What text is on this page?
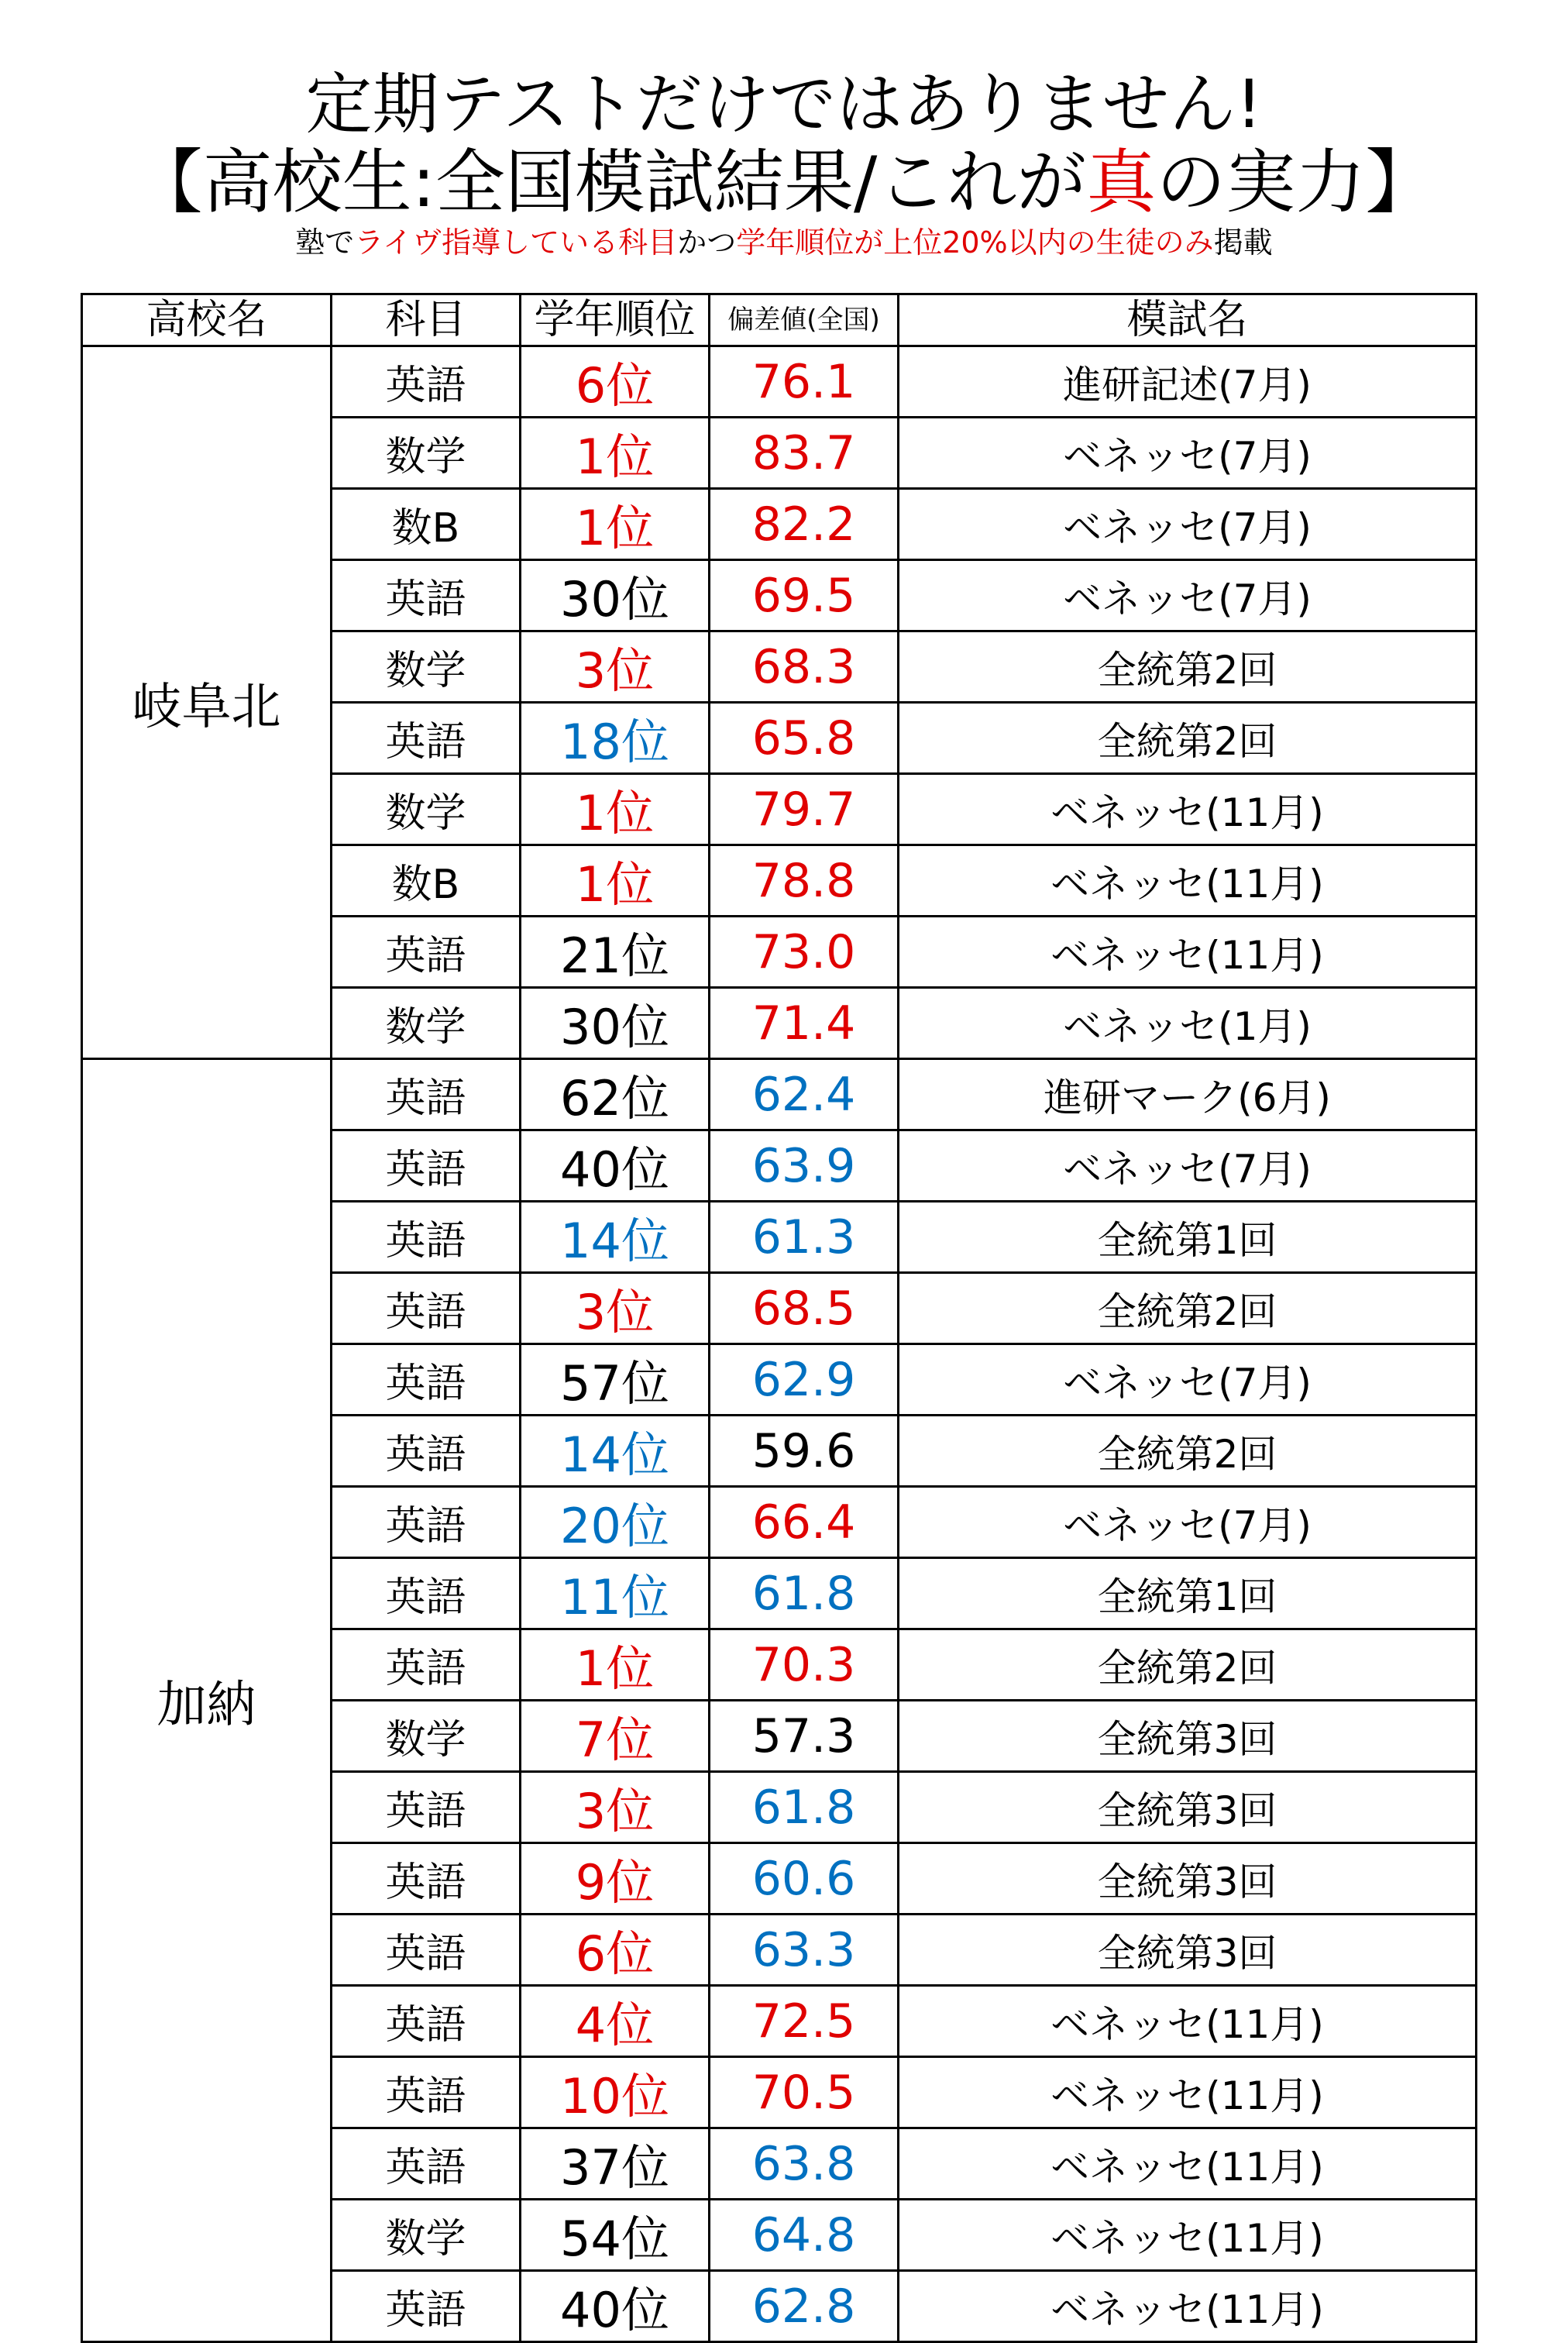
定期テストだけではありません!
【高校生:全国模試結果/これが真の実力】
塾でライヴ指導している科目かつ学年順位が上位20%以内の生徒のみ掲載
高校名	科目	学年順位	偏差値(全国)	模試名
岐阜北	英語	6位	76.1	進研記述(7月)
	数学	1位	83.7	ベネッセ(7月)
	数B	1位	82.2	ベネッセ(7月)
	英語	30位	69.5	ベネッセ(7月)
	数学	3位	68.3	全統第2回
	英語	18位	65.8	全統第2回
	数学	1位	79.7	ベネッセ(11月)
	数B	1位	78.8	ベネッセ(11月)
	英語	21位	73.0	ベネッセ(11月)
	数学	30位	71.4	ベネッセ(1月)
加納	英語	62位	62.4	進研マーク(6月)
	英語	40位	63.9	ベネッセ(7月)
	英語	14位	61.3	全統第1回
	英語	3位	68.5	全統第2回
	英語	57位	62.9	ベネッセ(7月)
	英語	14位	59.6	全統第2回
	英語	20位	66.4	ベネッセ(7月)
	英語	11位	61.8	全統第1回
	英語	1位	70.3	全統第2回
	数学	7位	57.3	全統第3回
	英語	3位	61.8	全統第3回
	英語	9位	60.6	全統第3回
	英語	6位	63.3	全統第3回
	英語	4位	72.5	ベネッセ(11月)
	英語	10位	70.5	ベネッセ(11月)
	英語	37位	63.8	ベネッセ(11月)
	数学	54位	64.8	ベネッセ(11月)
	英語	40位	62.8	ベネッセ(11月)
